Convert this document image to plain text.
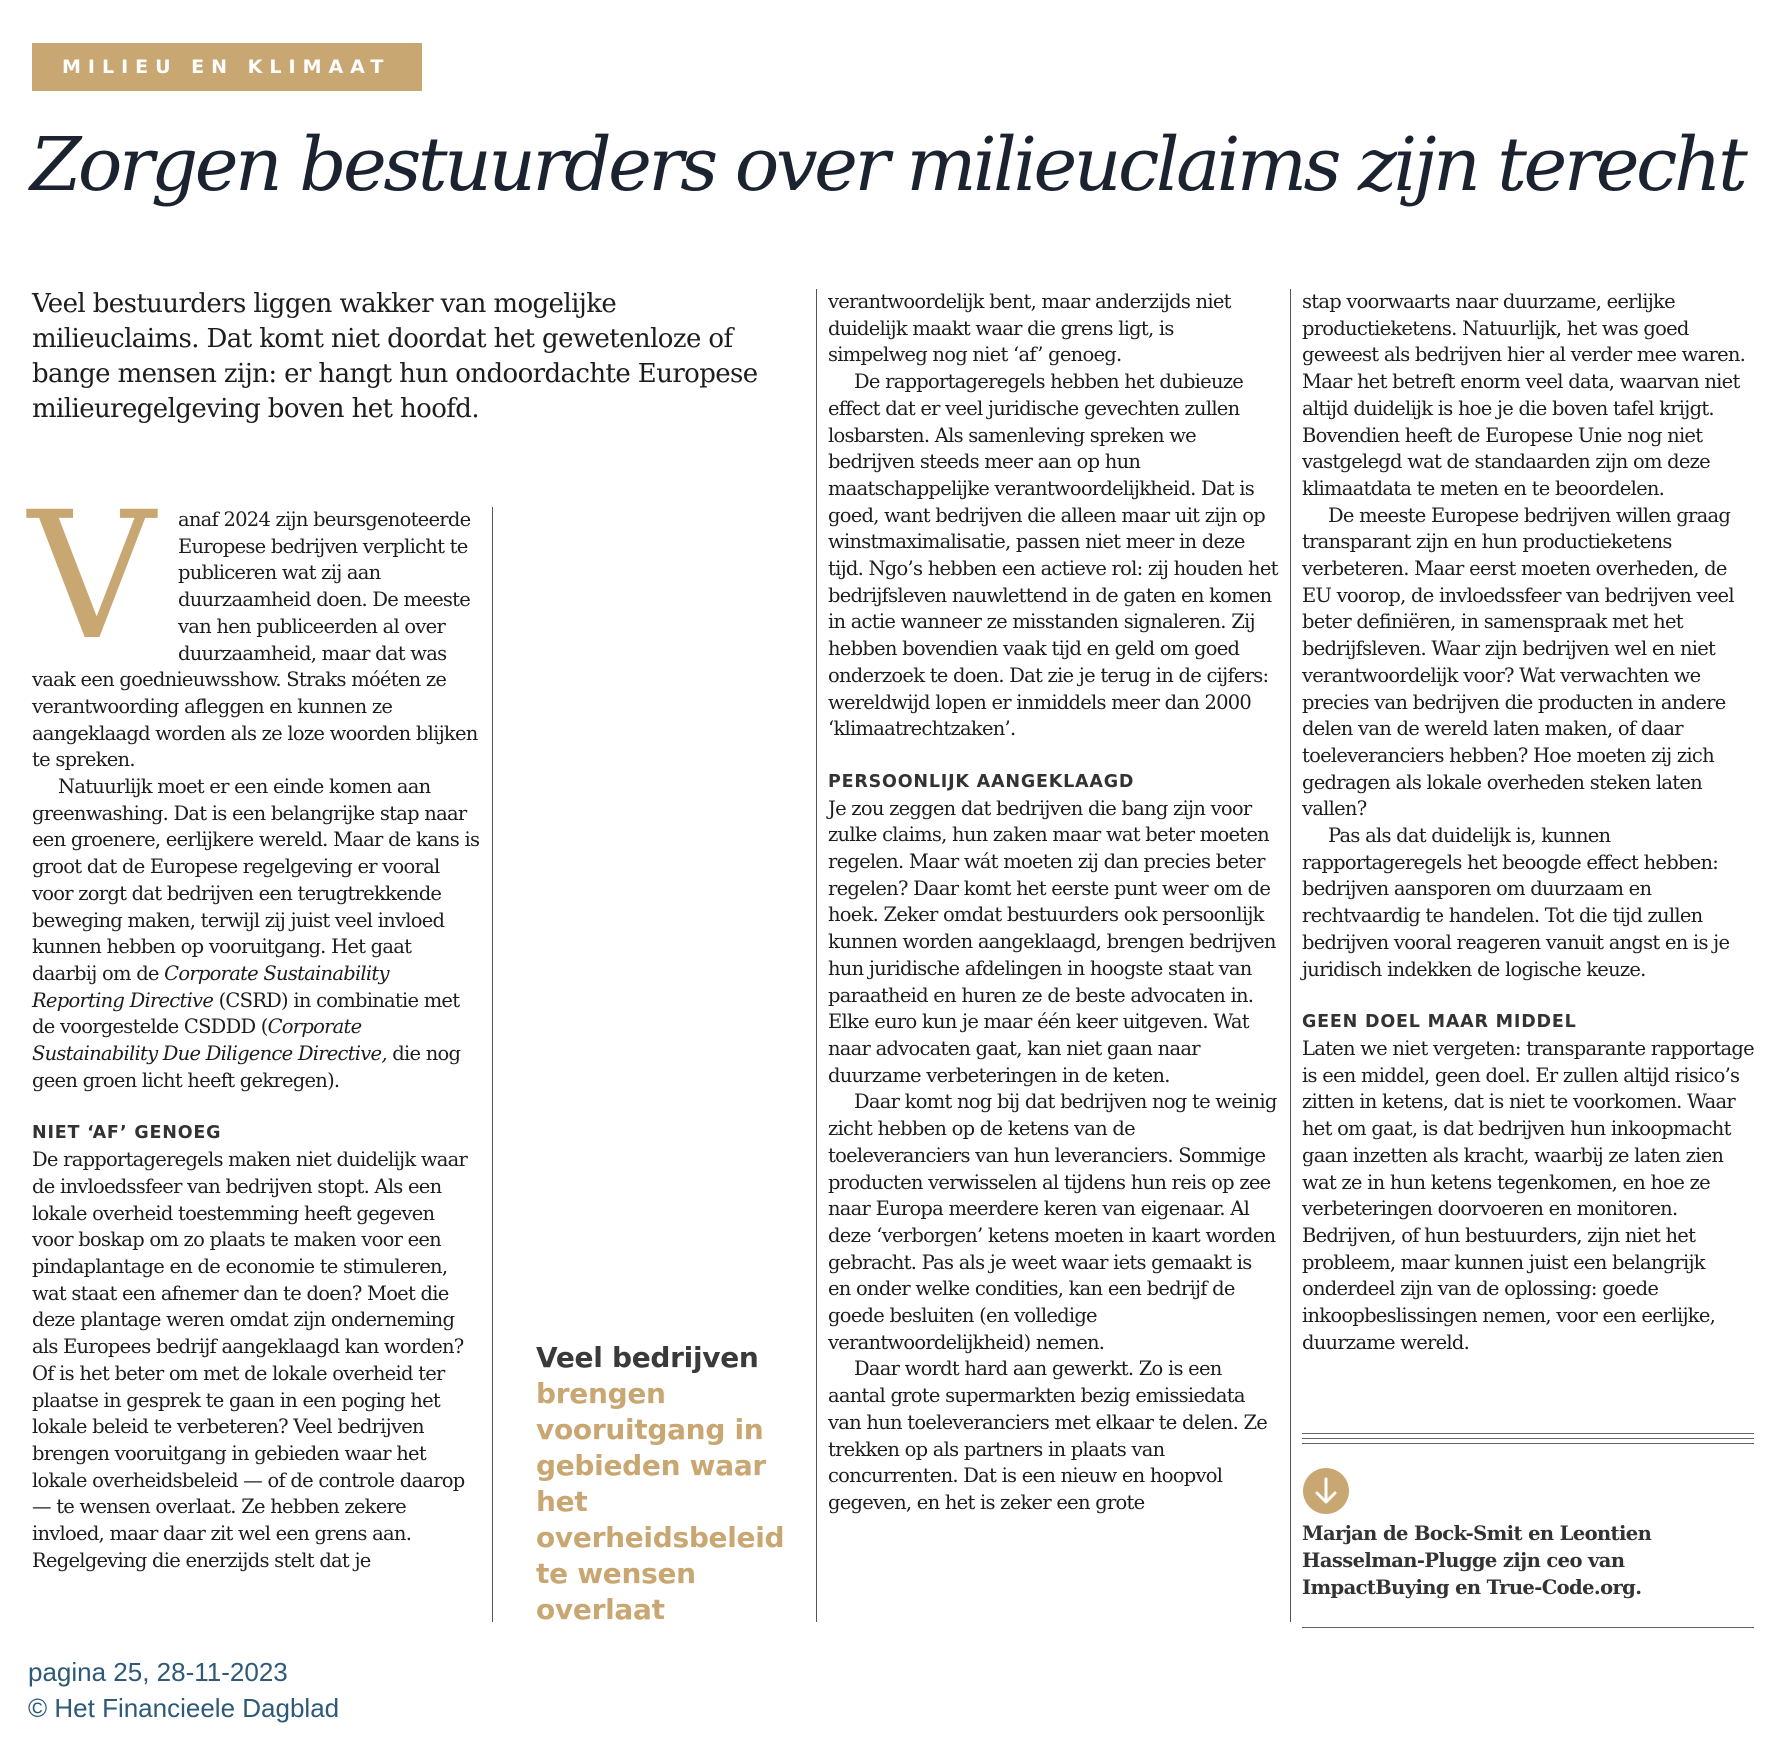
MILIEU EN KLIMAAT
Zorgen bestuurders over milieuclaims zijn terecht

Veel bestuurders liggen wakker van mogelijke milieuclaims. Dat komt niet doordat het gewetenloze of bange mensen zijn: er hangt hun ondoordachte Europese milieuregelgeving boven het hoofd.

V	anaf 2024 zijn beursgenoteerde Europese bedrijven verplicht te publiceren wat zij aan duurzaamheid doen. De meeste van hen publiceerden al over duurzaamheid, maar dat was vaak een goednieuwsshow. Straks móéten ze verantwoording afleggen en kunnen ze aangeklaagd worden als ze loze woorden blijken te spreken.

Natuurlijk moet er een einde komen aan greenwashing. Dat is een belangrijke stap naar een groenere, eerlijkere wereld. Maar de kans is groot dat de Europese regelgeving er vooral voor zorgt dat bedrijven een terugtrekkende beweging maken, terwijl zij juist veel invloed kunnen hebben op vooruitgang. Het gaat daarbij om de Corporate Sustainability Reporting Directive (CSRD) in combinatie met de voorgestelde CSDDD (Corporate Sustainability Due Diligence Directive, die nog geen groen licht heeft gekregen).

NIET ‘AF’ GENOEG

De rapportageregels maken niet duidelijk waar de invloedssfeer van bedrijven stopt. Als een lokale overheid toestemming heeft gegeven voor boskap om zo plaats te maken voor een pindaplantage en de economie te stimuleren, wat staat een afnemer dan te doen? Moet die deze plantage weren omdat zijn onderneming als Europees bedrijf aangeklaagd kan worden? Of is het beter om met de lokale overheid ter plaatse in gesprek te gaan in een poging het lokale beleid te verbeteren? Veel bedrijven brengen vooruitgang in gebieden waar het lokale overheidsbeleid — of de controle daarop — te wensen overlaat. Ze hebben zekere invloed, maar daar zit wel een grens aan. Regelgeving die enerzijds stelt dat je

Veel bedrijven brengen vooruitgang in gebieden waar het overheidsbeleid te wensen overlaat

verantwoordelijk bent, maar anderzijds niet duidelijk maakt waar die grens ligt, is simpelweg nog niet ‘af’ genoeg.

De rapportageregels hebben het dubieuze effect dat er veel juridische gevechten zullen losbarsten. Als samenleving spreken we bedrijven steeds meer aan op hun maatschappelijke verantwoordelijkheid. Dat is goed, want bedrijven die alleen maar uit zijn op winstmaximalisatie, passen niet meer in deze tijd. Ngo’s hebben een actieve rol: zij houden het bedrijfsleven nauwlettend in de gaten en komen in actie wanneer ze misstanden signaleren. Zij hebben bovendien vaak tijd en geld om goed onderzoek te doen. Dat zie je terug in de cijfers: wereldwijd lopen er inmiddels meer dan 2000 ‘klimaatrechtzaken’.

PERSOONLIJK AANGEKLAAGD

Je zou zeggen dat bedrijven die bang zijn voor zulke claims, hun zaken maar wat beter moeten regelen. Maar wát moeten zij dan precies beter regelen? Daar komt het eerste punt weer om de hoek. Zeker omdat bestuurders ook persoonlijk kunnen worden aangeklaagd, brengen bedrijven hun juridische afdelingen in hoogste staat van paraatheid en huren ze de beste advocaten in. Elke euro kun je maar één keer uitgeven. Wat naar advocaten gaat, kan niet gaan naar duurzame verbeteringen in de keten.

Daar komt nog bij dat bedrijven nog te weinig zicht hebben op de ketens van de toeleveranciers van hun leveranciers. Sommige producten verwisselen al tijdens hun reis op zee naar Europa meerdere keren van eigenaar. Al deze ‘verborgen’ ketens moeten in kaart worden gebracht. Pas als je weet waar iets gemaakt is en onder welke condities, kan een bedrijf de goede besluiten (en volledige verantwoordelijkheid) nemen.

Daar wordt hard aan gewerkt. Zo is een aantal grote supermarkten bezig emissiedata van hun toeleveranciers met elkaar te delen. Ze trekken op als partners in plaats van concurrenten. Dat is een nieuw en hoopvol gegeven, en het is zeker een grote

stap voorwaarts naar duurzame, eerlijke productieketens. Natuurlijk, het was goed geweest als bedrijven hier al verder mee waren. Maar het betreft enorm veel data, waarvan niet altijd duidelijk is hoe je die boven tafel krijgt. Bovendien heeft de Europese Unie nog niet vastgelegd wat de standaarden zijn om deze klimaatdata te meten en te beoordelen.

De meeste Europese bedrijven willen graag transparant zijn en hun productieketens verbeteren. Maar eerst moeten overheden, de EU voorop, de invloedssfeer van bedrijven veel beter definiëren, in samenspraak met het bedrijfsleven. Waar zijn bedrijven wel en niet verantwoordelijk voor? Wat verwachten we precies van bedrijven die producten in andere delen van de wereld laten maken, of daar toeleveranciers hebben? Hoe moeten zij zich gedragen als lokale overheden steken laten vallen?

Pas als dat duidelijk is, kunnen rapportageregels het beoogde effect hebben: bedrijven aansporen om duurzaam en rechtvaardig te handelen. Tot die tijd zullen bedrijven vooral reageren vanuit angst en is je juridisch indekken de logische keuze.

GEEN DOEL MAAR MIDDEL

Laten we niet vergeten: transparante rapportage is een middel, geen doel. Er zullen altijd risico’s zitten in ketens, dat is niet te voorkomen. Waar het om gaat, is dat bedrijven hun inkoopmacht gaan inzetten als kracht, waarbij ze laten zien wat ze in hun ketens tegenkomen, en hoe ze verbeteringen doorvoeren en monitoren. Bedrijven, of hun bestuurders, zijn niet het probleem, maar kunnen juist een belangrijk onderdeel zijn van de oplossing: goede inkoopbeslissingen nemen, voor een eerlijke, duurzame wereld.

Marjan de Bock-Smit en Leontien Hasselman-Plugge zijn ceo van ImpactBuying en True-Code.org.

pagina 25, 28-11-2023
© Het Financieele Dagblad
